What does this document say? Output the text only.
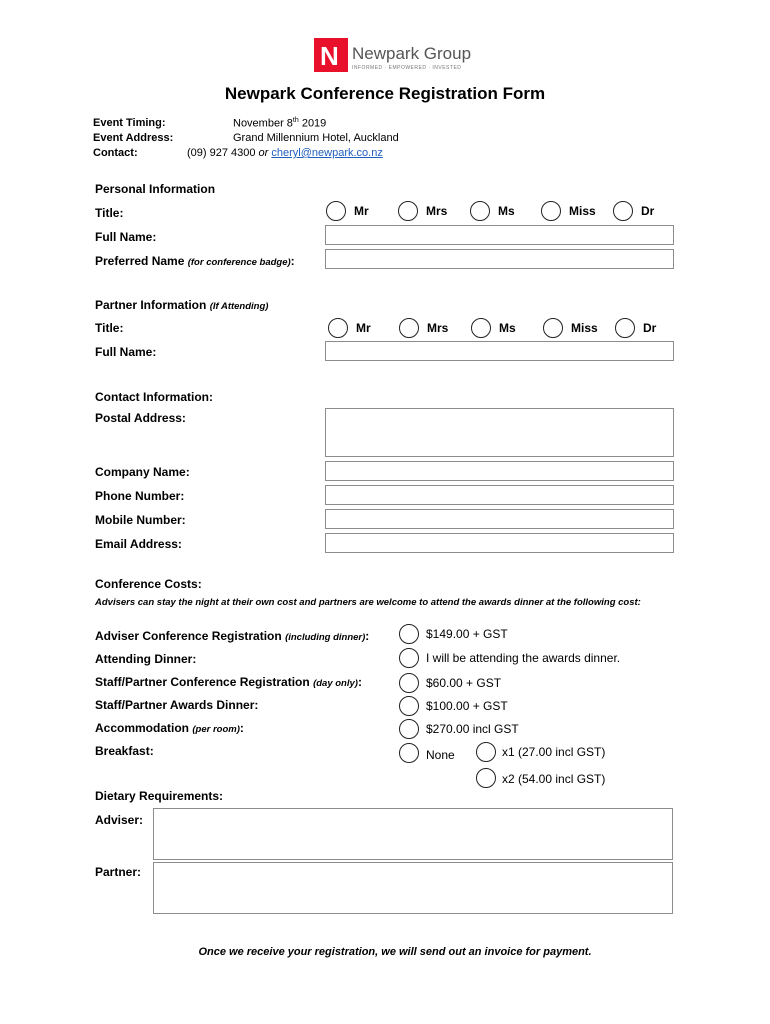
N Newpark Group
INFORMED · EMPOWERED · INVESTED
Newpark Conference Registration Form
Event Timing:	November 8th 2019
Event Address:	Grand Millennium Hotel, Auckland
Contact:	(09) 927 4300 or cheryl@newpark.co.nz
Personal Information
Title:	Mr	Mrs	Ms	Miss	Dr
Full Name:
Preferred Name (for conference badge):
Partner Information (If Attending)
Title:	Mr	Mrs	Ms	Miss	Dr
Full Name:
Contact Information:
Postal Address:
Company Name:
Phone Number:
Mobile Number:
Email Address:
Conference Costs:
Advisers can stay the night at their own cost and partners are welcome to attend the awards dinner at the following cost:
Adviser Conference Registration (including dinner):	$149.00 + GST
Attending Dinner:	I will be attending the awards dinner.
Staff/Partner Conference Registration (day only):	$60.00 + GST
Staff/Partner Awards Dinner:	$100.00 + GST
Accommodation (per room):	$270.00 incl GST
Breakfast:	None	x1 (27.00 incl GST)
x2 (54.00 incl GST)
Dietary Requirements:
Adviser:
Partner:
Once we receive your registration, we will send out an invoice for payment.
